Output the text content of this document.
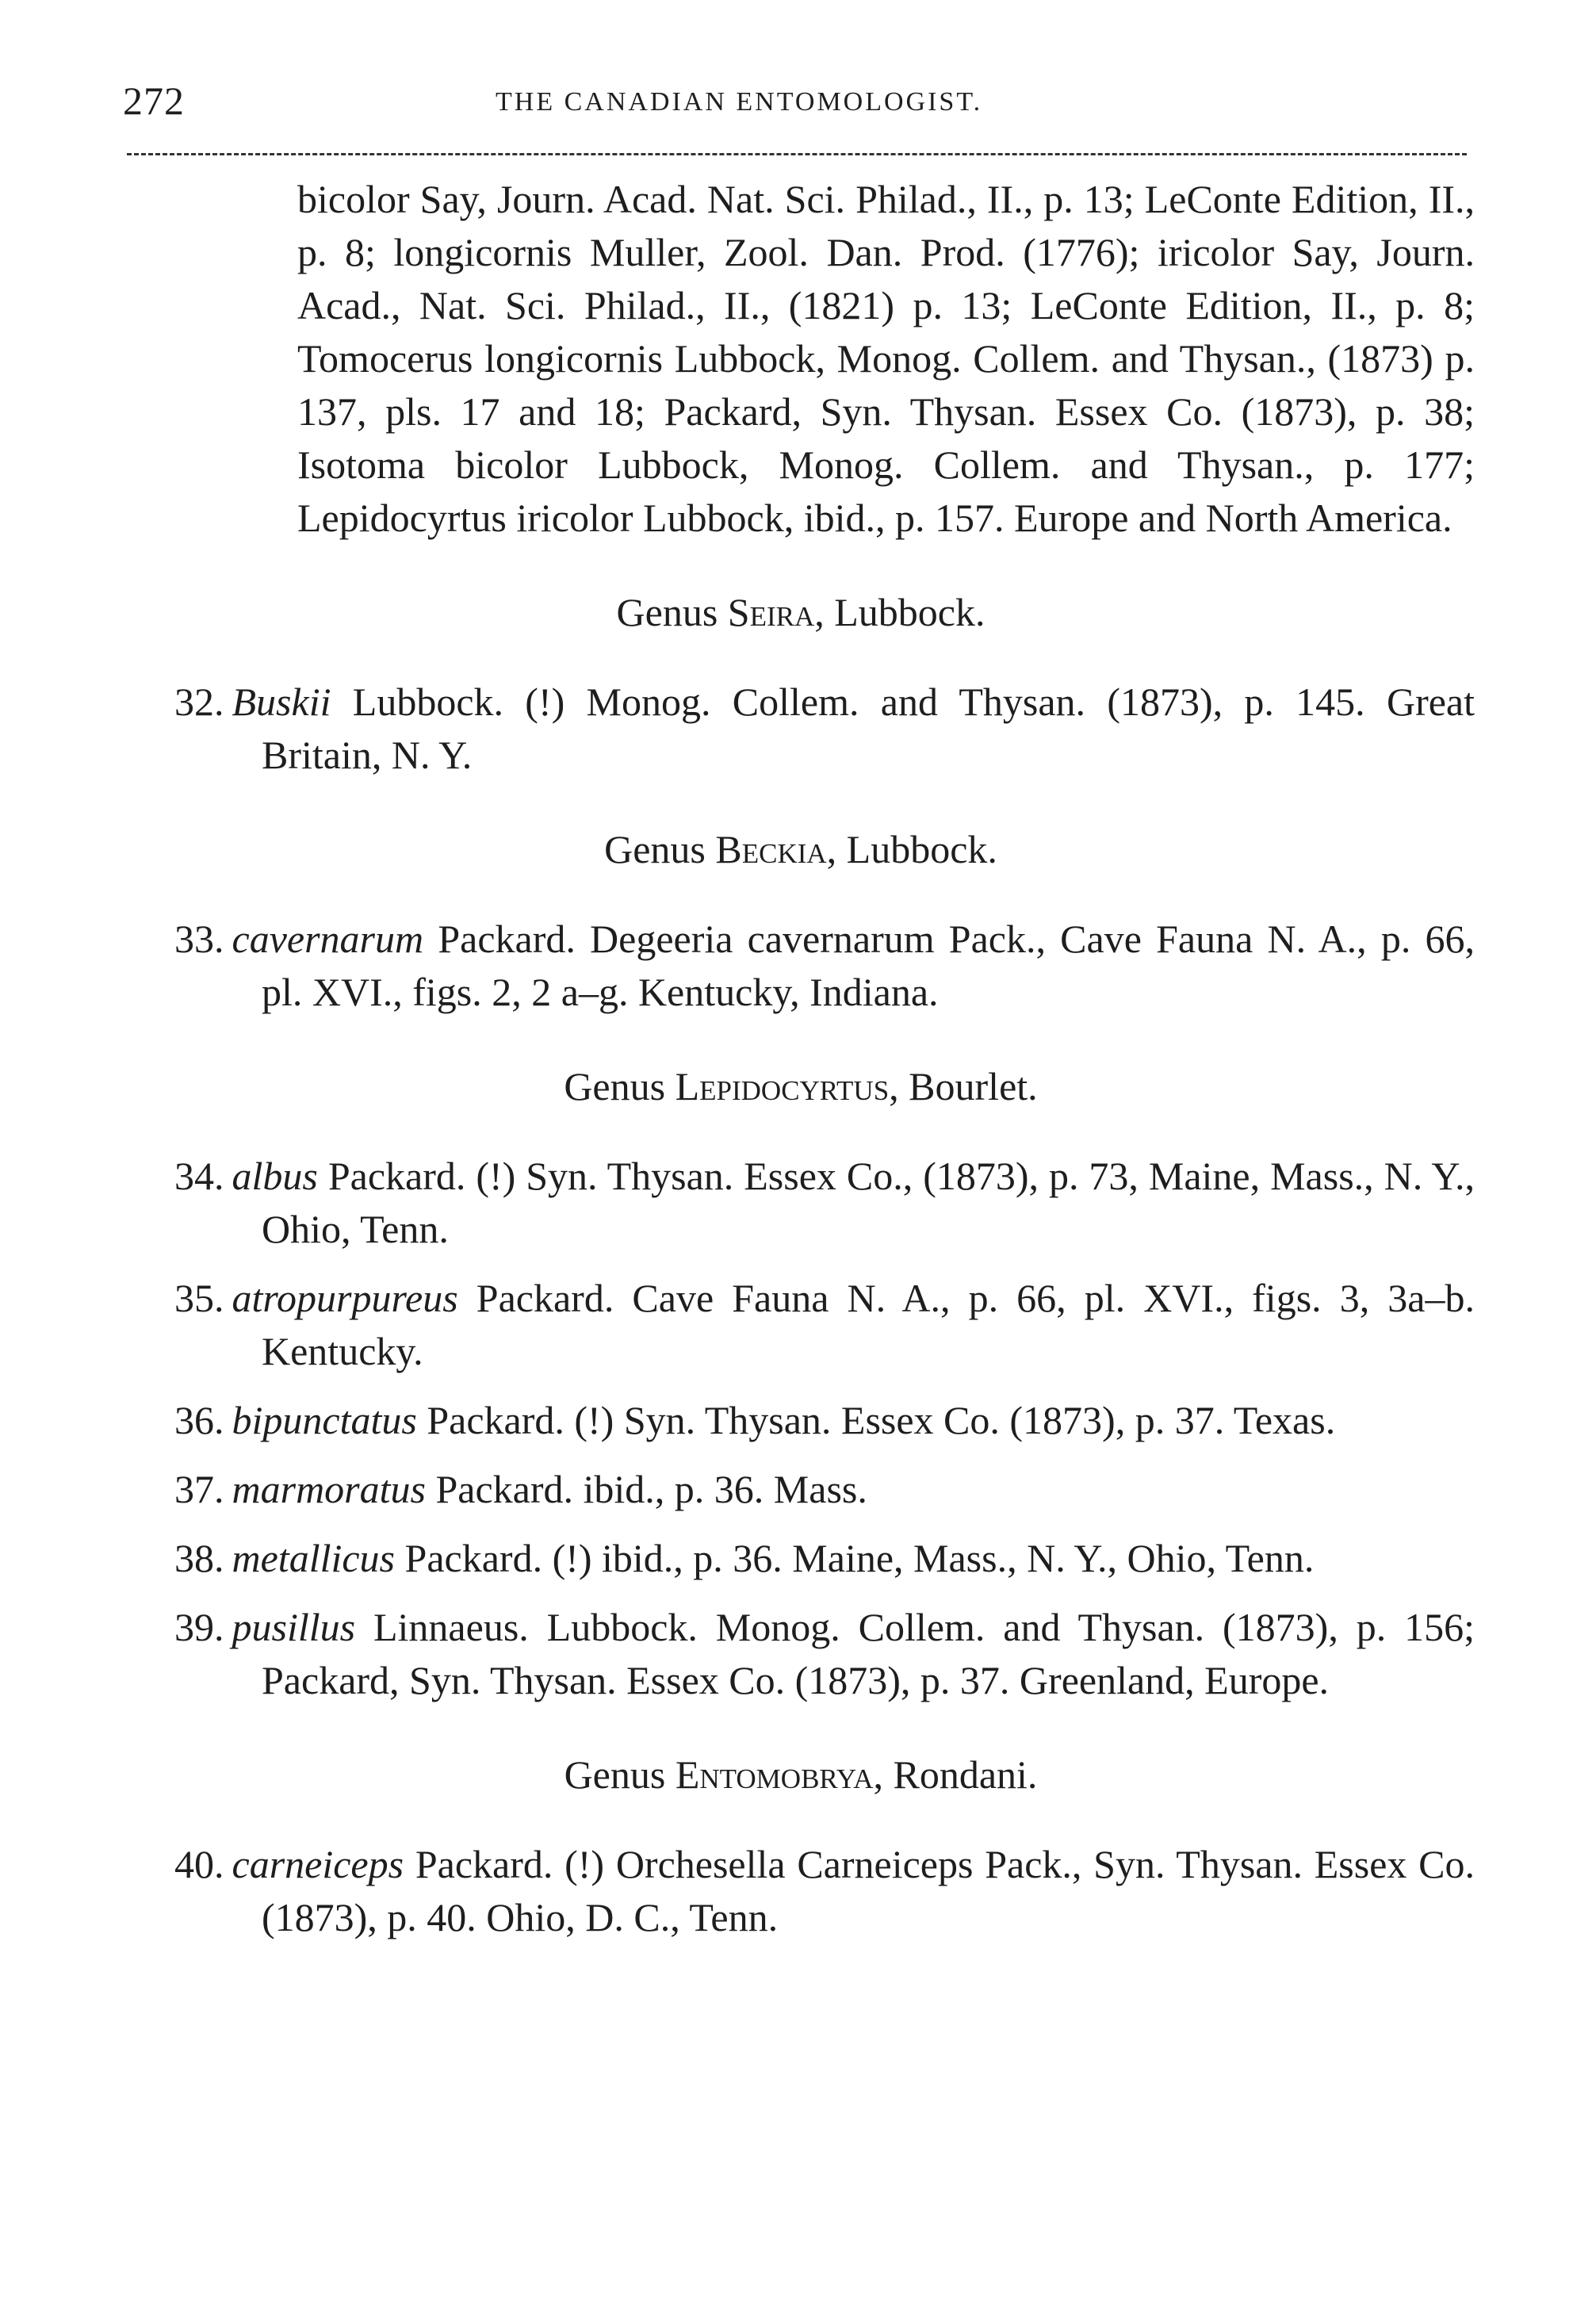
272	THE CANADIAN ENTOMOLOGIST.

bicolor Say, Journ. Acad. Nat. Sci. Philad., II., p. 13; LeConte Edition, II., p. 8; longicornis Muller, Zool. Dan. Prod. (1776); iricolor Say, Journ. Acad., Nat. Sci. Philad., II., (1821) p. 13; LeConte Edition, II., p. 8; Tomocerus longicornis Lubbock, Monog. Collem. and Thysan., (1873) p. 137, pls. 17 and 18; Packard, Syn. Thysan. Essex Co. (1873), p. 38; Isotoma bicolor Lubbock, Monog. Collem. and Thysan., p. 177; Lepidocyrtus iricolor Lubbock, ibid., p. 157. Europe and North America.

Genus Seira, Lubbock.

32. Buskii Lubbock. (!) Monog. Collem. and Thysan. (1873), p. 145. Great Britain, N. Y.

Genus Beckia, Lubbock.

33. cavernarum Packard. Degeeria cavernarum Pack., Cave Fauna N. A., p. 66, pl. XVI., figs. 2, 2 a–g. Kentucky, Indiana.

Genus Lepidocyrtus, Bourlet.

34. albus Packard. (!) Syn. Thysan. Essex Co., (1873), p. 73, Maine, Mass., N. Y., Ohio, Tenn.

35. atropurpureus Packard. Cave Fauna N. A., p. 66, pl. XVI., figs. 3, 3a–b. Kentucky.

36. bipunctatus Packard. (!) Syn. Thysan. Essex Co. (1873), p. 37. Texas.

37. marmoratus Packard. ibid., p. 36. Mass.

38. metallicus Packard. (!) ibid., p. 36. Maine, Mass., N. Y., Ohio, Tenn.

39. pusillus Linnaeus. Lubbock. Monog. Collem. and Thysan. (1873), p. 156; Packard, Syn. Thysan. Essex Co. (1873), p. 37. Greenland, Europe.

Genus Entomobrya, Rondani.

40. carneiceps Packard. (!) Orchesella Carneiceps Pack., Syn. Thysan. Essex Co. (1873), p. 40. Ohio, D. C., Tenn.
